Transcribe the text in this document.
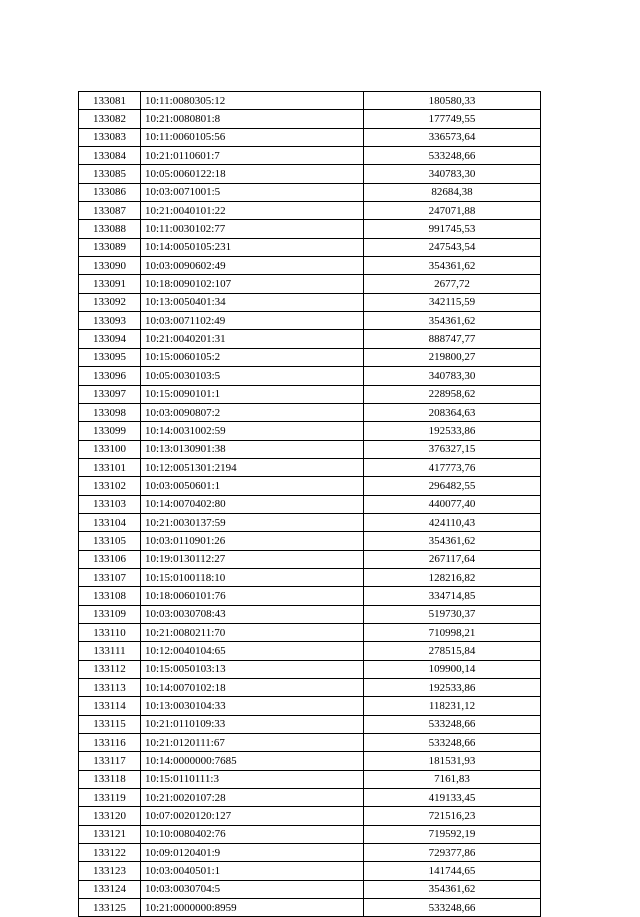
133081	10:11:0080305:12	180580,33
133082	10:21:0080801:8	177749,55
133083	10:11:0060105:56	336573,64
133084	10:21:0110601:7	533248,66
133085	10:05:0060122:18	340783,30
133086	10:03:0071001:5	82684,38
133087	10:21:0040101:22	247071,88
133088	10:11:0030102:77	991745,53
133089	10:14:0050105:231	247543,54
133090	10:03:0090602:49	354361,62
133091	10:18:0090102:107	2677,72
133092	10:13:0050401:34	342115,59
133093	10:03:0071102:49	354361,62
133094	10:21:0040201:31	888747,77
133095	10:15:0060105:2	219800,27
133096	10:05:0030103:5	340783,30
133097	10:15:0090101:1	228958,62
133098	10:03:0090807:2	208364,63
133099	10:14:0031002:59	192533,86
133100	10:13:0130901:38	376327,15
133101	10:12:0051301:2194	417773,76
133102	10:03:0050601:1	296482,55
133103	10:14:0070402:80	440077,40
133104	10:21:0030137:59	424110,43
133105	10:03:0110901:26	354361,62
133106	10:19:0130112:27	267117,64
133107	10:15:0100118:10	128216,82
133108	10:18:0060101:76	334714,85
133109	10:03:0030708:43	519730,37
133110	10:21:0080211:70	710998,21
133111	10:12:0040104:65	278515,84
133112	10:15:0050103:13	109900,14
133113	10:14:0070102:18	192533,86
133114	10:13:0030104:33	118231,12
133115	10:21:0110109:33	533248,66
133116	10:21:0120111:67	533248,66
133117	10:14:0000000:7685	181531,93
133118	10:15:0110111:3	7161,83
133119	10:21:0020107:28	419133,45
133120	10:07:0020120:127	721516,23
133121	10:10:0080402:76	719592,19
133122	10:09:0120401:9	729377,86
133123	10:03:0040501:1	141744,65
133124	10:03:0030704:5	354361,62
133125	10:21:0000000:8959	533248,66
